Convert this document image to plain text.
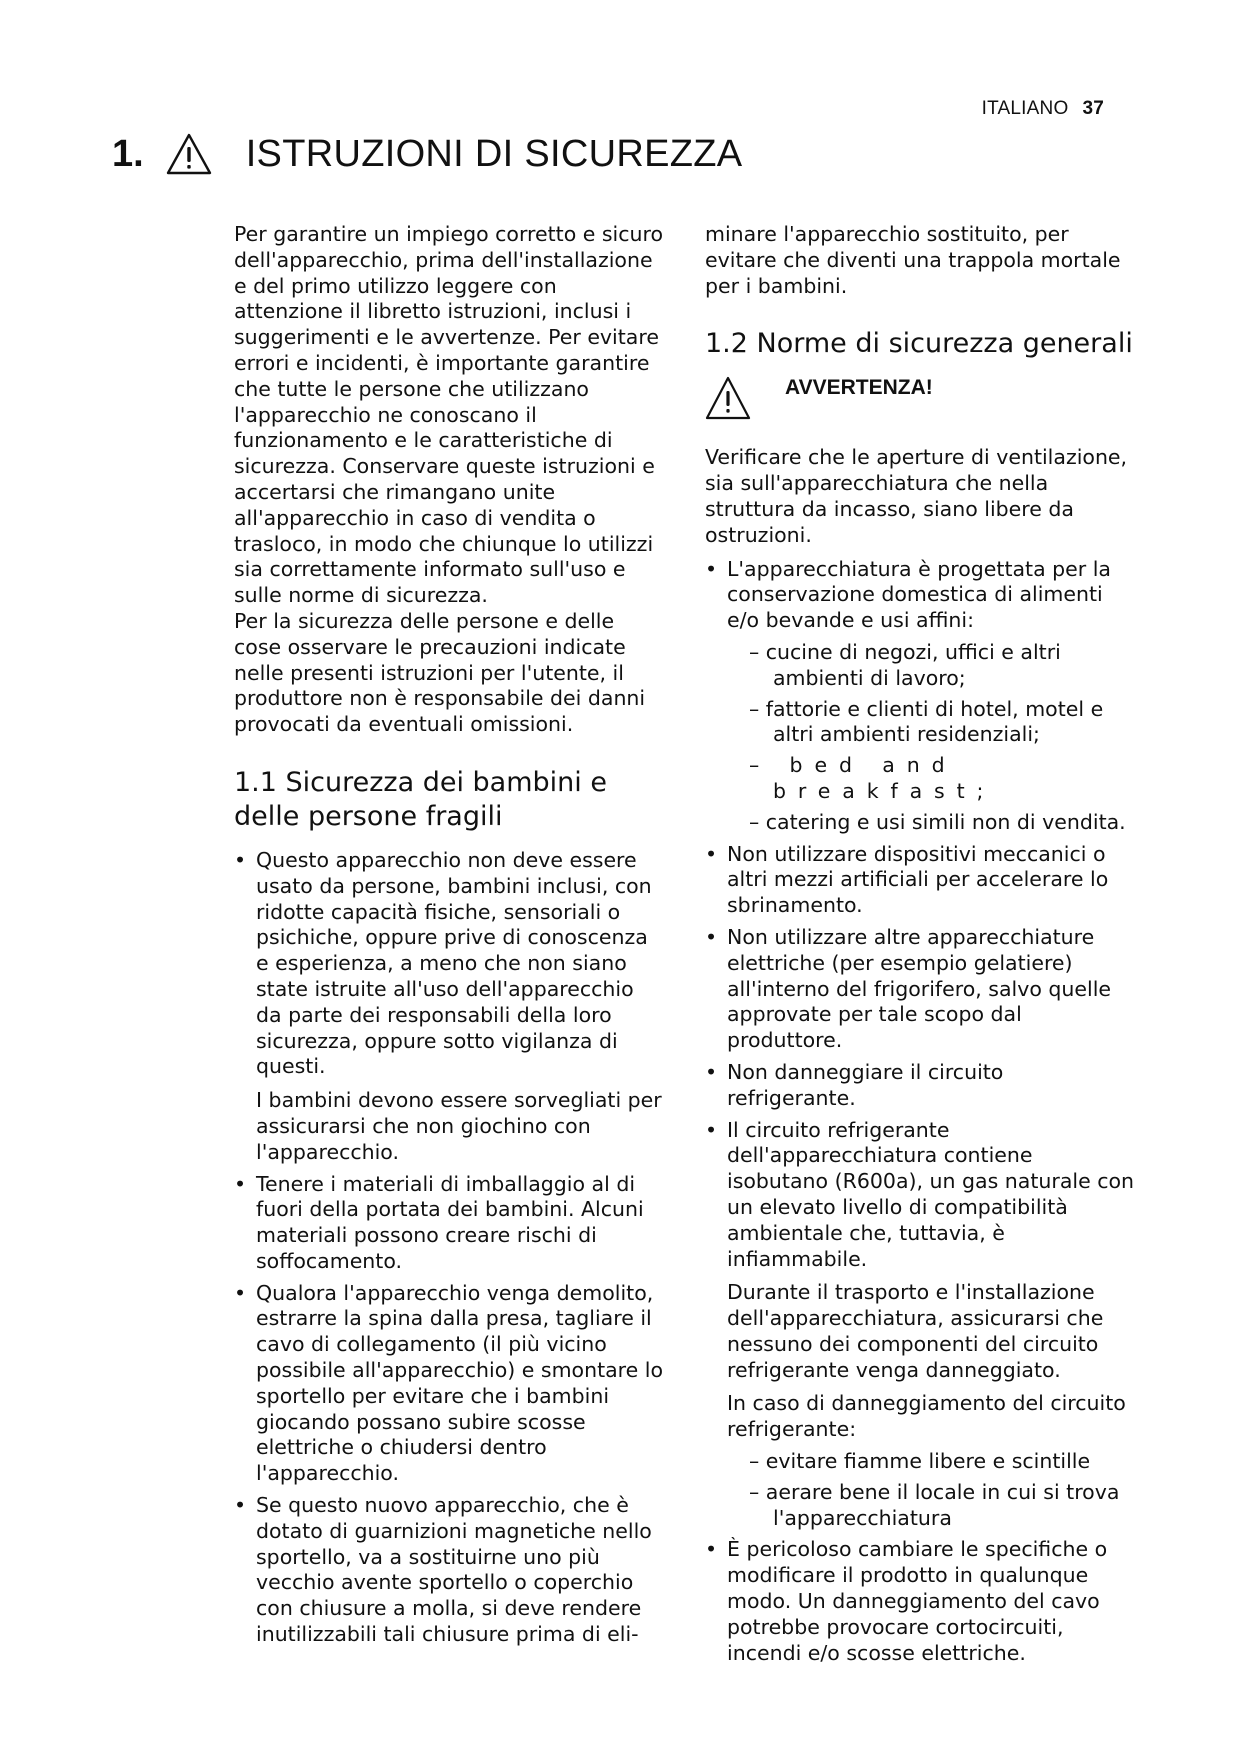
ITALIANO 37
1.	ISTRUZIONI DI SICUREZZA

Per garantire un impiego corretto e sicuro dell'apparecchio, prima dell'installazione e del primo utilizzo leggere con attenzione il libretto istruzioni, inclusi i suggerimenti e le avvertenze. Per evitare errori e incidenti, è importante garantire che tutte le persone che utilizzano l'apparecchio ne conoscano il funzionamento e le caratteristiche di sicurezza. Conservare queste istruzioni e accertarsi che rimangano unite all'apparecchio in caso di vendita o trasloco, in modo che chiunque lo utilizzi sia correttamente informato sull'uso e sulle norme di sicurezza.

Per la sicurezza delle persone e delle cose osservare le precauzioni indicate nelle presenti istruzioni per l'utente, il produttore non è responsabile dei danni provocati da eventuali omissioni.

1.1 Sicurezza dei bambini e delle persone fragili
• Questo apparecchio non deve essere usato da persone, bambini inclusi, con ridotte capacità fisiche, sensoriali o psichiche, oppure prive di conoscenza e esperienza, a meno che non siano state istruite all'uso dell'apparecchio da parte dei responsabili della loro sicurezza, oppure sotto vigilanza di questi.

I bambini devono essere sorvegliati per assicurarsi che non giochino con l'apparecchio.

• Tenere i materiali di imballaggio al di fuori della portata dei bambini. Alcuni materiali possono creare rischi di soffocamento.
• Qualora l'apparecchio venga demolito, estrarre la spina dalla presa, tagliare il cavo di collegamento (il più vicino possibile all'apparecchio) e smontare lo sportello per evitare che i bambini giocando possano subire scosse elettriche o chiudersi dentro l'apparecchio.
• Se questo nuovo apparecchio, che è dotato di guarnizioni magnetiche nello sportello, va a sostituirne uno più vecchio avente sportello o coperchio con chiusure a molla, si deve rendere inutilizzabili tali chiusure prima di eli-

minare l'apparecchio sostituito, per evitare che diventi una trappola mortale per i bambini.

1.2 Norme di sicurezza generali
AVVERTENZA!

Verificare che le aperture di ventilazione, sia sull'apparecchiatura che nella struttura da incasso, siano libere da ostruzioni.

• L'apparecchiatura è progettata per la conservazione domestica di alimenti e/o bevande e usi affini:
– cucine di negozi, uffici e altri ambienti di lavoro;
– fattorie e clienti di hotel, motel e altri ambienti residenziali;
– bed and breakfast;
– catering e usi simili non di vendita.
• Non utilizzare dispositivi meccanici o altri mezzi artificiali per accelerare lo sbrinamento.
• Non utilizzare altre apparecchiature elettriche (per esempio gelatiere) all'interno del frigorifero, salvo quelle approvate per tale scopo dal produttore.
• Non danneggiare il circuito refrigerante.
• Il circuito refrigerante dell'apparecchiatura contiene isobutano (R600a), un gas naturale con un elevato livello di compatibilità ambientale che, tuttavia, è infiammabile.

Durante il trasporto e l'installazione dell'apparecchiatura, assicurarsi che nessuno dei componenti del circuito refrigerante venga danneggiato.

In caso di danneggiamento del circuito refrigerante:

– evitare fiamme libere e scintille
– aerare bene il locale in cui si trova l'apparecchiatura
• È pericoloso cambiare le specifiche o modificare il prodotto in qualunque modo. Un danneggiamento del cavo potrebbe provocare cortocircuiti, incendi e/o scosse elettriche.
